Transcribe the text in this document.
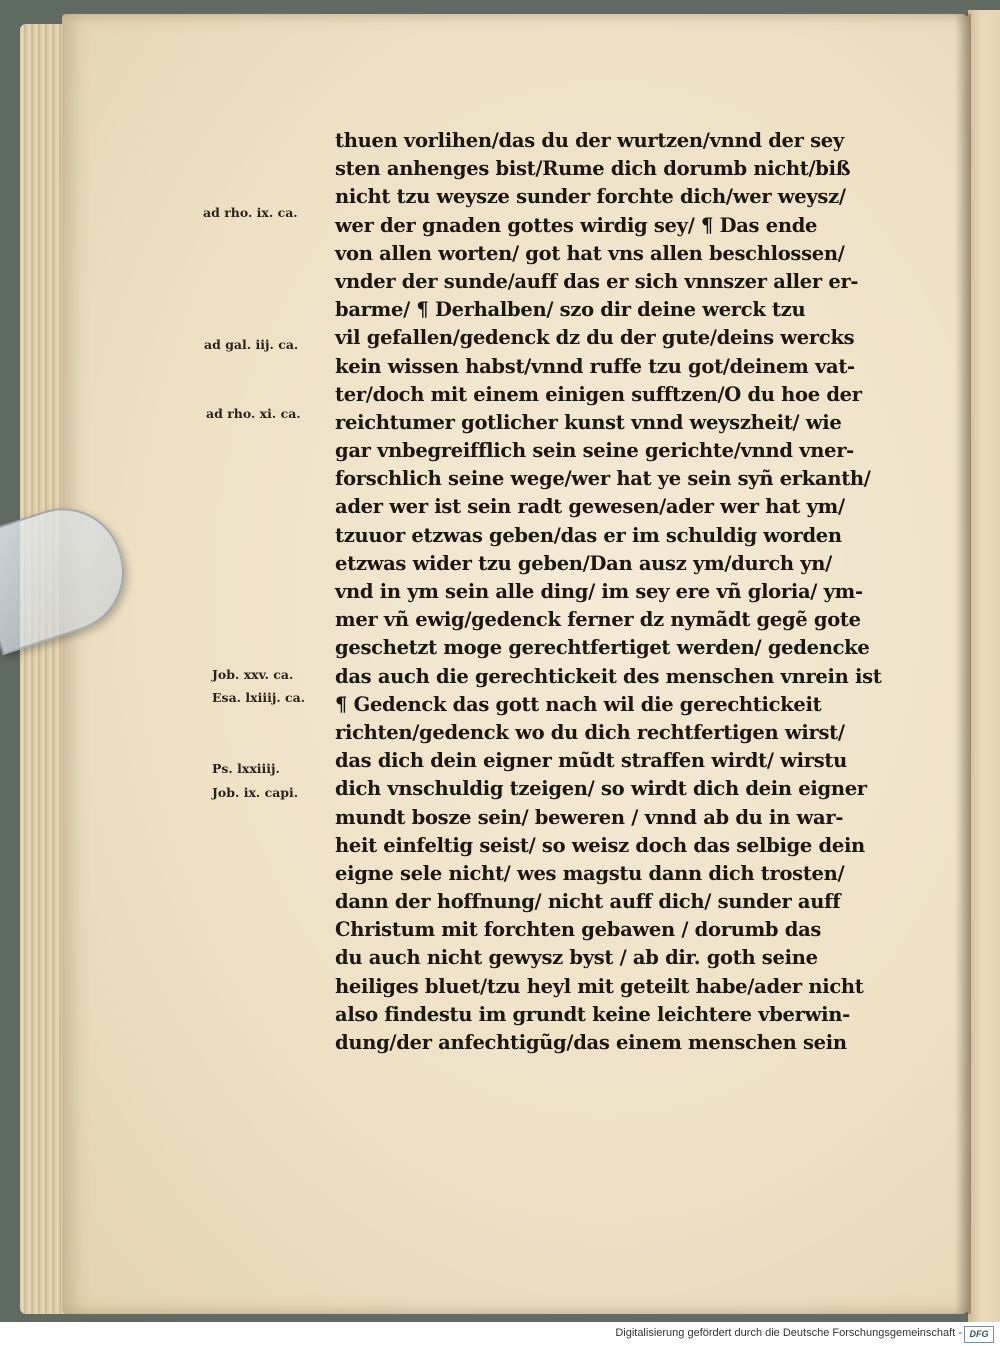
thuen vorlihen/das du der wurtzen/vnnd der sey
sten anhenges bist/Rume dich dorumb nicht/biß
nicht tzu weysze sunder forchte dich/wer weysz/
wer der gnaden gottes wirdig sey/ ¶ Das ende
von allen worten/ got hat vns allen beschlossen/
vnder der sunde/auff das er sich vnnszer aller er-
barme/ ¶ Derhalben/ szo dir deine werck tzu
vil gefallen/gedenck dz du der gute/deins wercks
kein wissen habst/vnnd ruffe tzu got/deinem vat-
ter/doch mit einem einigen sufftzen/O du hoe der
reichtumer gotlicher kunst vnnd weyszheit/ wie
gar vnbegreifflich sein seine gerichte/vnnd vner-
forschlich seine wege/wer hat ye sein syñ erkanth/
ader wer ist sein radt gewesen/ader wer hat ym/
tzuuor etzwas geben/das er im schuldig worden
etzwas wider tzu geben/Dan ausz ym/durch yn/
vnd in ym sein alle ding/ im sey ere vñ gloria/ ym-
mer vñ ewig/gedenck ferner dz nymãdt gegẽ gote
geschetzt moge gerechtfertiget werden/ gedencke
das auch die gerechtickeit des menschen vnrein ist
¶ Gedenck das gott nach wil die gerechtickeit
richten/gedenck wo du dich rechtfertigen wirst/
das dich dein eigner mũdt straffen wirdt/ wirstu
dich vnschuldig tzeigen/ so wirdt dich dein eigner
mundt bosze sein/ beweren / vnnd ab du in war-
heit einfeltig seist/ so weisz doch das selbige dein
eigne sele nicht/ wes magstu dann dich trosten/
dann der hoffnung/ nicht auff dich/ sunder auff
Christum mit forchten gebawen / dorumb das
du auch nicht gewysz byst / ab dir. goth seine
heiliges bluet/tzu heyl mit geteilt habe/ader nicht
also findestu im grundt keine leichtere vberwin-
dung/der anfechtigũg/das einem menschen sein
ad rho. ix. ca.
ad gal. iij. ca.
ad rho. xi. ca.
Job. xxv. ca.
Esa. lxiiij. ca.
Ps. lxxiiij.
Job. ix. capi.
Digitalisierung gefördert durch die Deutsche Forschungsgemeinschaft - DFG
